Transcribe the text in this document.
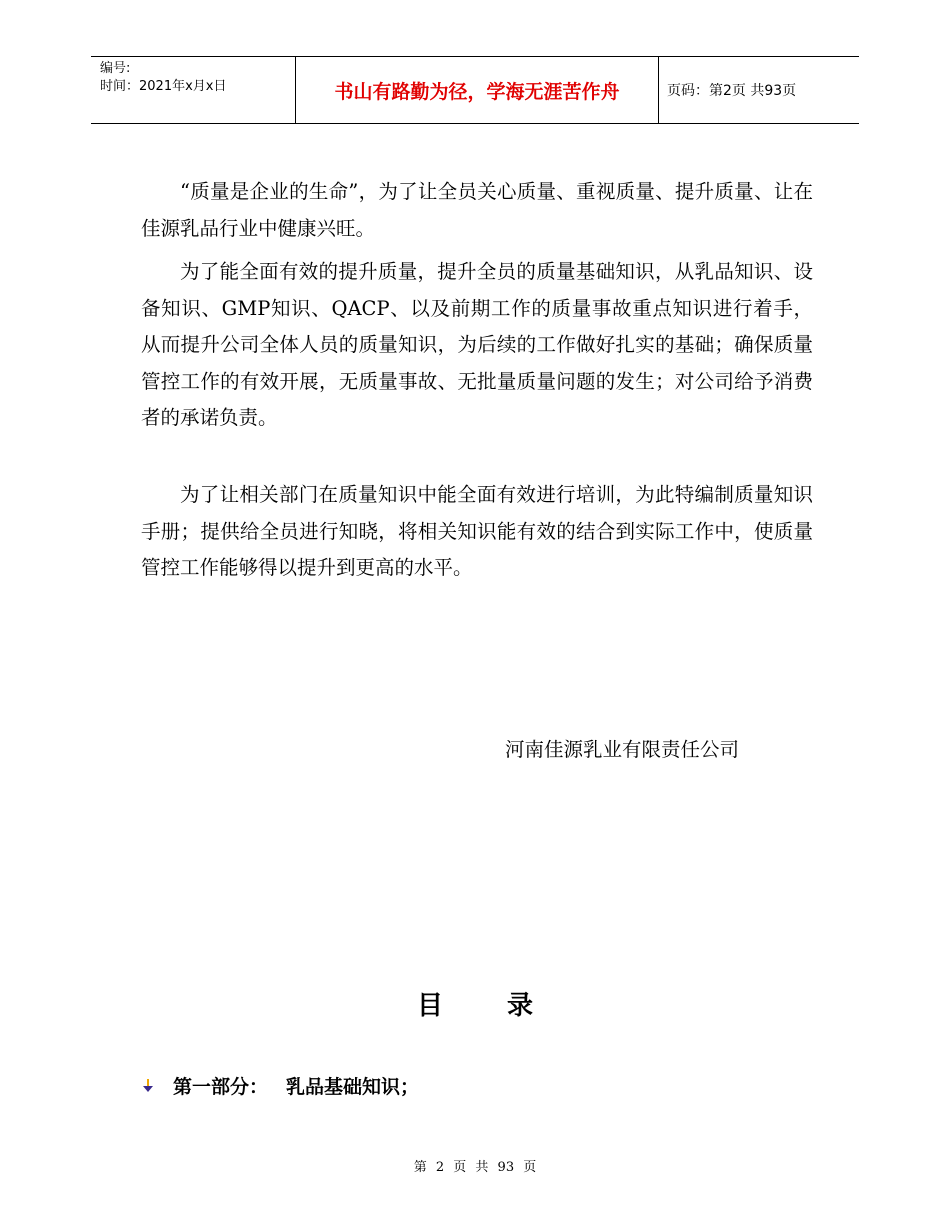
编号:
时间：2021年x月x日	书山有路勤为径，学海无涯苦作舟	页码：第2页 共93页

“质量是企业的生命”，为了让全员关心质量、重视质量、提升质量、让在佳源乳品行业中健康兴旺。

为了能全面有效的提升质量，提升全员的质量基础知识，从乳品知识、设备知识、GMP知识、QACP、以及前期工作的质量事故重点知识进行着手，从而提升公司全体人员的质量知识，为后续的工作做好扎实的基础；确保质量管控工作的有效开展，无质量事故、无批量质量问题的发生；对公司给予消费者的承诺负责。

为了让相关部门在质量知识中能全面有效进行培训，为此特编制质量知识手册；提供给全员进行知晓，将相关知识能有效的结合到实际工作中，使质量管控工作能够得以提升到更高的水平。

河南佳源乳业有限责任公司

目录
第一部分： 乳品基础知识；

第 2 页 共 93 页
